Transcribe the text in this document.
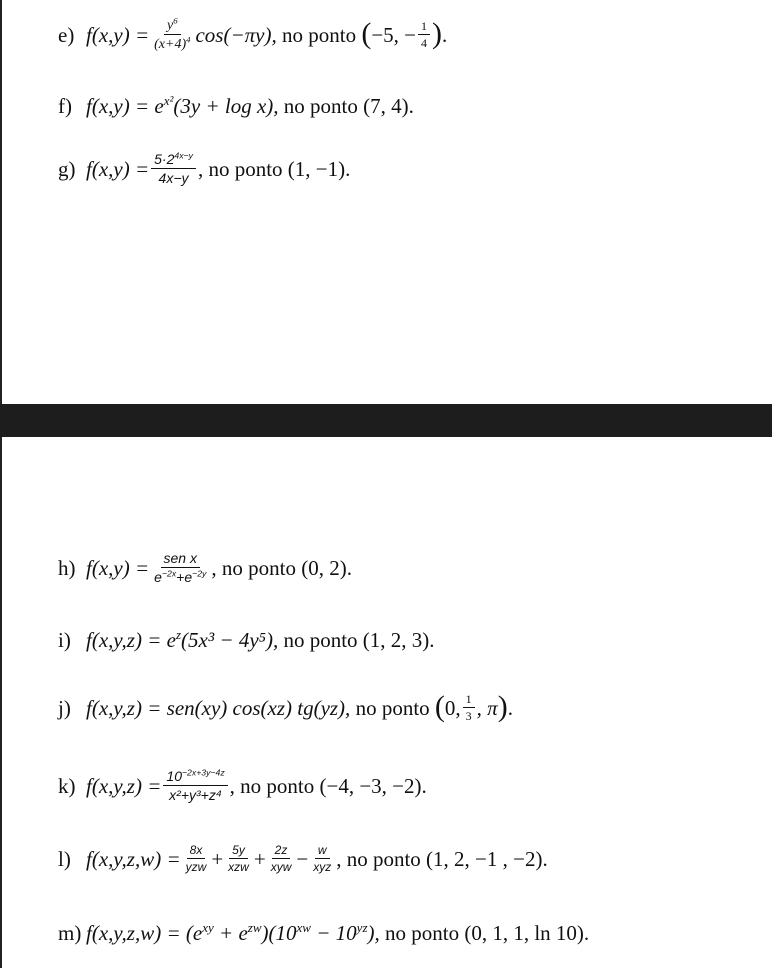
e) $f(x,y) = \frac{y^6}{(x+4)^4} \cos(-\pi y)$,
no ponto
( −5, − $\frac{1}{4}$ ) .
f) $f(x,y) = e^{x^2}$ (3y + log x),
no ponto (7, 4).
g) $f(x,y) = \frac{5\cdot 2^{4x-y}}{4x-y}$ , no ponto (1, −1).
h) $f(x,y) = \frac{\text{sen x}}{e^{-2x}+e^{-2y}}$ , no ponto (0, 2).
i) $f(x,y,z) = e^z$ (5x³ − 4y⁵),
no ponto (1, 2, 3).
j) f(x,y,z) = sen(xy) cos(xz) tg(yz),
no ponto
( 0, $\frac{1}{3}$ , π ) .
k) $f(x,y,z) = \frac{10^{-2x+3y-4z}}{\text{x²+y³+z⁴}}$ , no ponto (−4, −3, −2).
l) $f(x,y,z,w) = \frac{8x}{\text{yzw}} + \frac{5y}{\text{xzw}} + \frac{2z}{\text{xyw}} - \frac{w}{\text{xyz}}$ , no ponto (1, 2, −1 , −2).
m) $f(x,y,z,w) = (e^{xy} + e^{zw})(10^{xw} - 10^{yz})$,
no ponto (0, 1, 1, ln 10).
